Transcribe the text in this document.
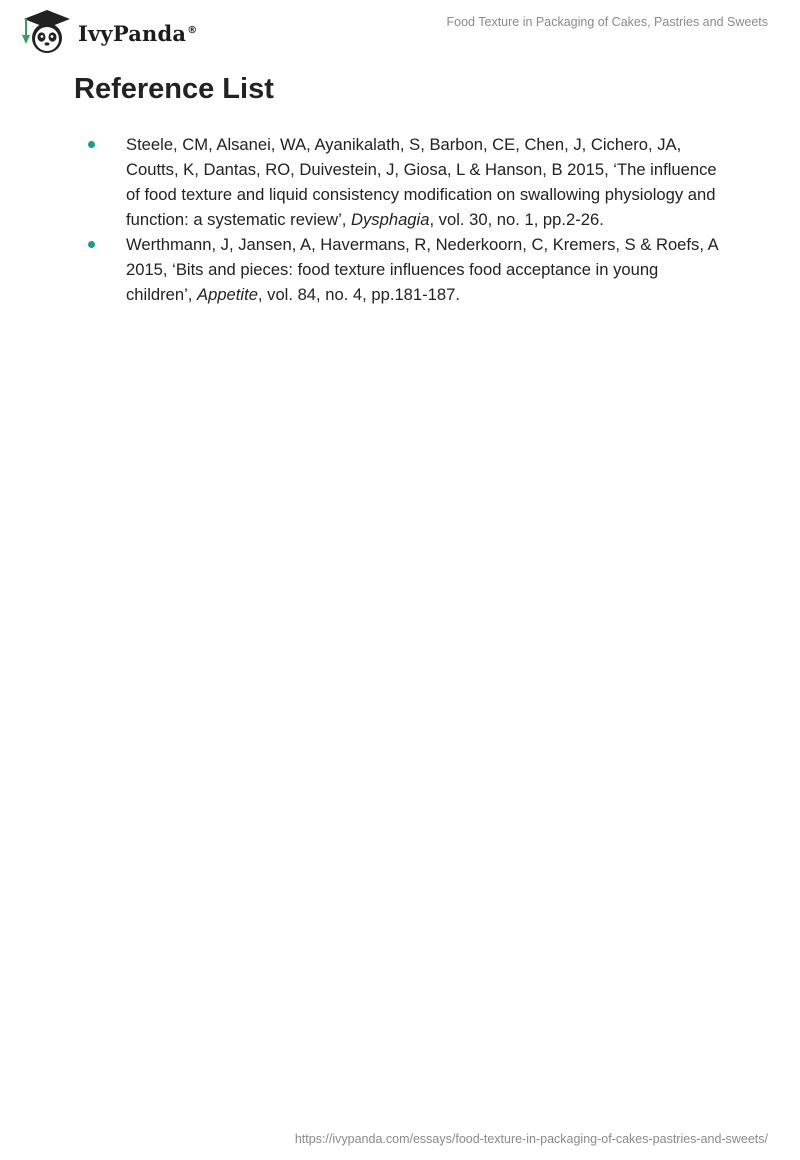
IvyPanda®
Food Texture in Packaging of Cakes, Pastries and Sweets
Reference List
Steele, CM, Alsanei, WA, Ayanikalath, S, Barbon, CE, Chen, J, Cichero, JA, Coutts, K, Dantas, RO, Duivestein, J, Giosa, L & Hanson, B 2015, ‘The influence of food texture and liquid consistency modification on swallowing physiology and function: a systematic review’, Dysphagia, vol. 30, no. 1, pp.2-26.
Werthmann, J, Jansen, A, Havermans, R, Nederkoorn, C, Kremers, S & Roefs, A 2015, ‘Bits and pieces: food texture influences food acceptance in young children’, Appetite, vol. 84, no. 4, pp.181-187.
https://ivypanda.com/essays/food-texture-in-packaging-of-cakes-pastries-and-sweets/
